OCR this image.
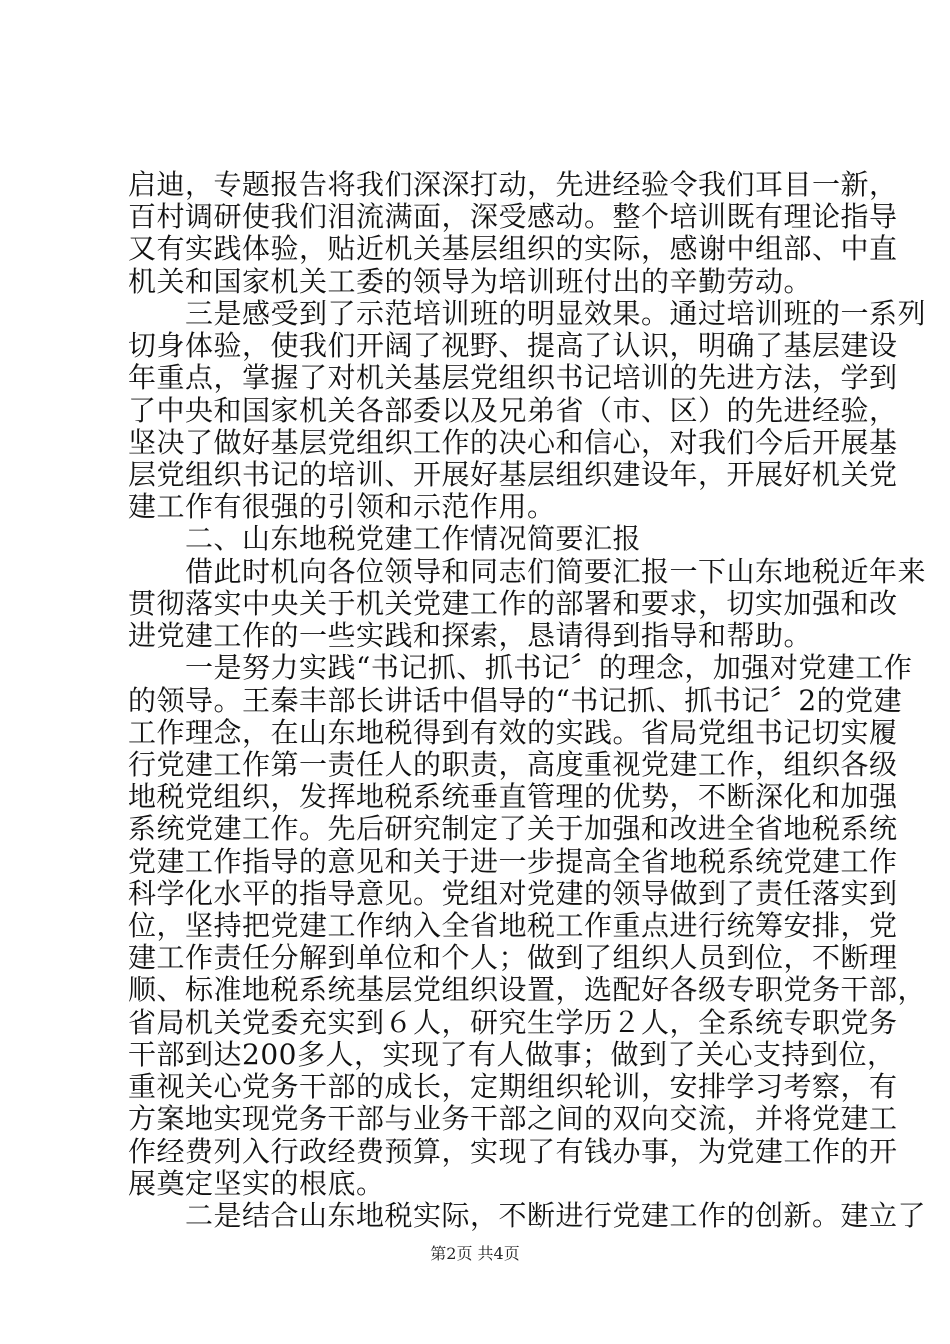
启迪，专题报告将我们深深打动，先进经验令我们耳目一新，
百村调研使我们泪流满面，深受感动。整个培训既有理论指导
又有实践体验，贴近机关基层组织的实际，感谢中组部、中直
机关和国家机关工委的领导为培训班付出的辛勤劳动。
　　三是感受到了示范培训班的明显效果。通过培训班的一系列
切身体验，使我们开阔了视野、提高了认识，明确了基层建设
年重点，掌握了对机关基层党组织书记培训的先进方法，学到
了中央和国家机关各部委以及兄弟省（市、区）的先进经验，
坚决了做好基层党组织工作的决心和信心，对我们今后开展基
层党组织书记的培训、开展好基层组织建设年，开展好机关党
建工作有很强的引领和示范作用。
　　二、山东地税党建工作情况简要汇报
　　借此时机向各位领导和同志们简要汇报一下山东地税近年来
贯彻落实中央关于机关党建工作的部署和要求，切实加强和改
进党建工作的一些实践和探索，恳请得到指导和帮助。
　　一是努力实践“书记抓、抓书记〞的理念，加强对党建工作
的领导。王秦丰部长讲话中倡导的“书记抓、抓书记〞2的党建
工作理念，在山东地税得到有效的实践。省局党组书记切实履
行党建工作第一责任人的职责，高度重视党建工作，组织各级
地税党组织，发挥地税系统垂直管理的优势，不断深化和加强
系统党建工作。先后研究制定了关于加强和改进全省地税系统
党建工作指导的意见和关于进一步提高全省地税系统党建工作
科学化水平的指导意见。党组对党建的领导做到了责任落实到
位，坚持把党建工作纳入全省地税工作重点进行统筹安排，党
建工作责任分解到单位和个人；做到了组织人员到位，不断理
顺、标准地税系统基层党组织设置，选配好各级专职党务干部，
省局机关党委充实到６人，研究生学历２人，全系统专职党务
干部到达200多人，实现了有人做事；做到了关心支持到位，
重视关心党务干部的成长，定期组织轮训，安排学习考察，有
方案地实现党务干部与业务干部之间的双向交流，并将党建工
作经费列入行政经费预算，实现了有钱办事，为党建工作的开
展奠定坚实的根底。
　　二是结合山东地税实际，不断进行党建工作的创新。建立了
第2页 共4页
